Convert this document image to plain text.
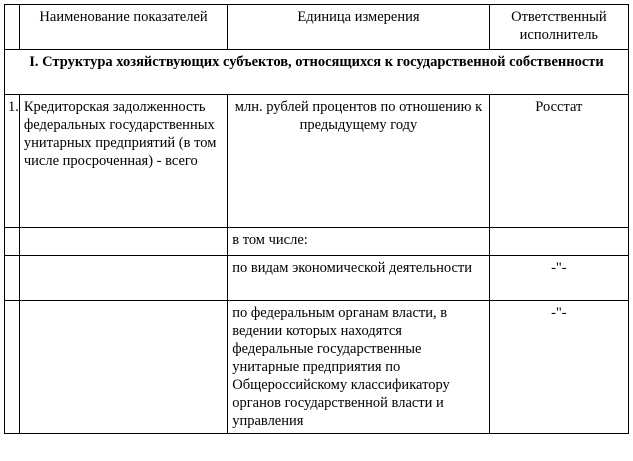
	Наименование показателей	Единица измерения	Ответственный исполнитель
I. Структура хозяйствующих субъектов, относящихся к государственной собственности			
1.	Кредиторская задолженность федеральных государственных унитарных предприятий (в том числе просроченная) - всего	млн. рублей процентов по отношению к предыдущему году	Росстат
		в том числе:	
		по видам экономической деятельности	-"-
		по федеральным органам власти, в ведении которых находятся федеральные государственные унитарные предприятия по Общероссийскому классификатору органов государственной власти и управления	-"-
